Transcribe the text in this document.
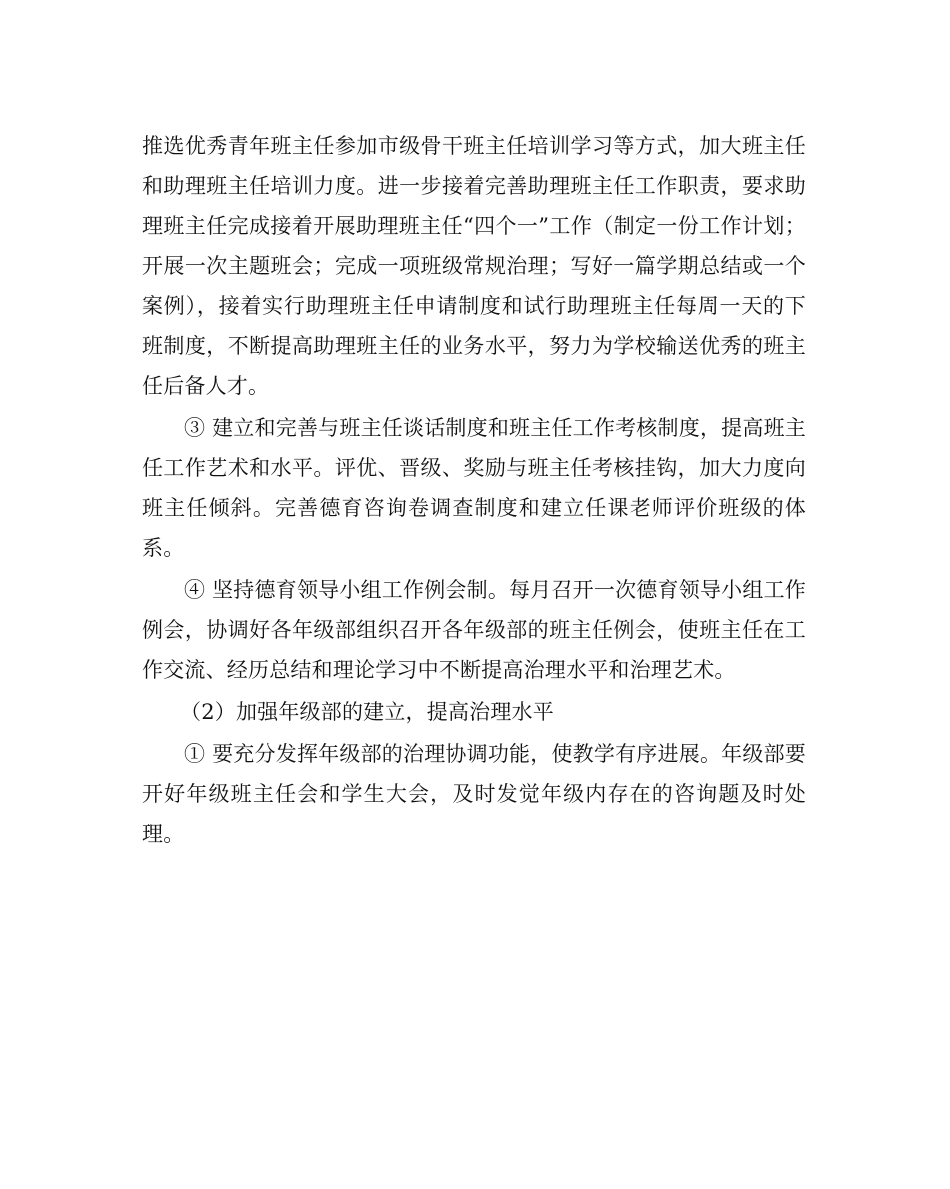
推选优秀青年班主任参加市级骨干班主任培训学习等方式，加大班主任和助理班主任培训力度。进一步接着完善助理班主任工作职责，要求助理班主任完成接着开展助理班主任“四个一”工作（制定一份工作计划；开展一次主题班会；完成一项班级常规治理；写好一篇学期总结或一个案例），接着实行助理班主任申请制度和试行助理班主任每周一天的下班制度，不断提高助理班主任的业务水平，努力为学校输送优秀的班主任后备人才。

③ 建立和完善与班主任谈话制度和班主任工作考核制度，提高班主任工作艺术和水平。评优、晋级、奖励与班主任考核挂钩，加大力度向班主任倾斜。完善德育咨询卷调查制度和建立任课老师评价班级的体系。

④ 坚持德育领导小组工作例会制。每月召开一次德育领导小组工作例会，协调好各年级部组织召开各年级部的班主任例会，使班主任在工作交流、经历总结和理论学习中不断提高治理水平和治理艺术。

（2）加强年级部的建立，提高治理水平

① 要充分发挥年级部的治理协调功能，使教学有序进展。年级部要开好年级班主任会和学生大会，及时发觉年级内存在的咨询题及时处理。
